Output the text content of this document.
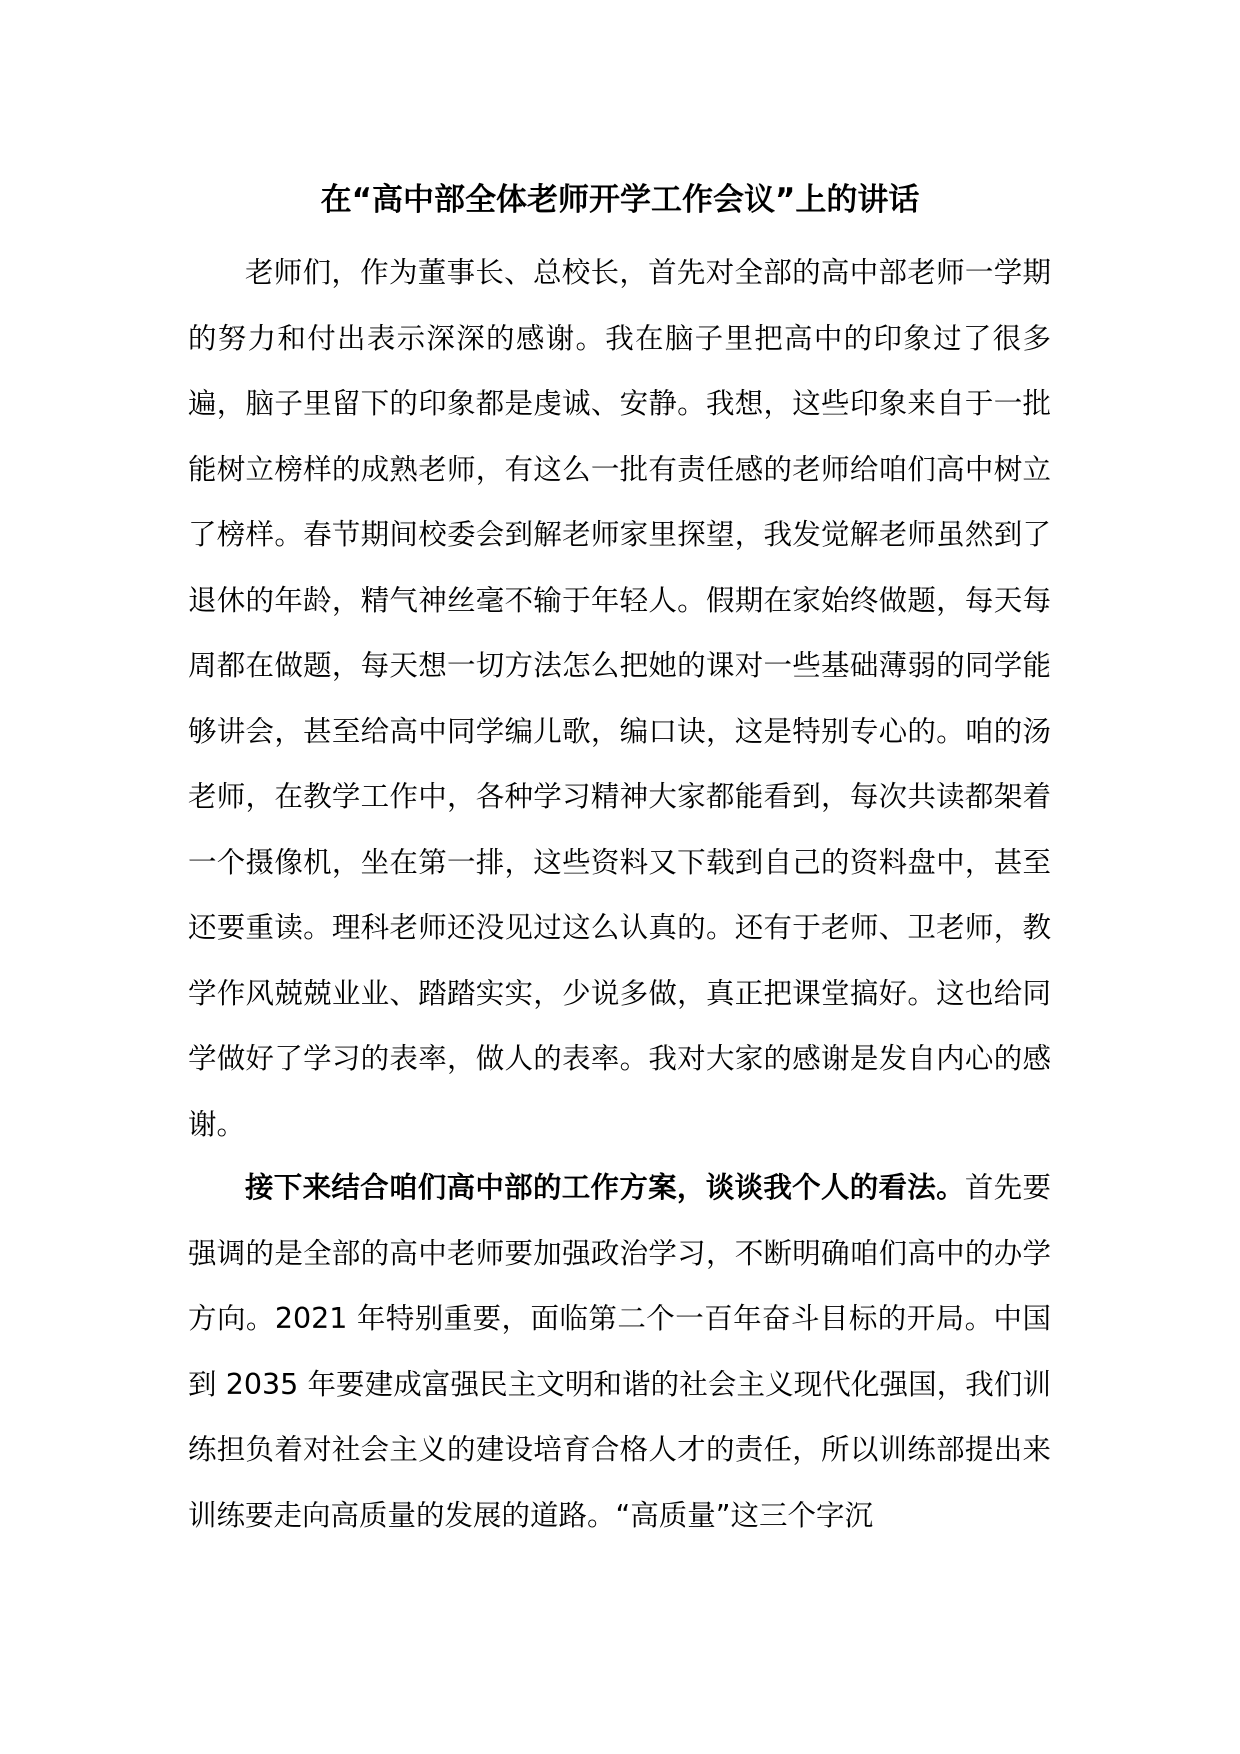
在“高中部全体老师开学工作会议”上的讲话

老师们，作为董事长、总校长，首先对全部的高中部老师一学期的努力和付出表示深深的感谢。我在脑子里把高中的印象过了很多遍，脑子里留下的印象都是虔诚、安静。我想，这些印象来自于一批能树立榜样的成熟老师，有这么一批有责任感的老师给咱们高中树立了榜样。春节期间校委会到解老师家里探望，我发觉解老师虽然到了退休的年龄，精气神丝毫不输于年轻人。假期在家始终做题，每天每周都在做题，每天想一切方法怎么把她的课对一些基础薄弱的同学能够讲会，甚至给高中同学编儿歌，编口诀，这是特别专心的。咱的汤老师，在教学工作中，各种学习精神大家都能看到，每次共读都架着一个摄像机，坐在第一排，这些资料又下载到自己的资料盘中，甚至还要重读。理科老师还没见过这么认真的。还有于老师、卫老师，教学作风兢兢业业、踏踏实实，少说多做，真正把课堂搞好。这也给同学做好了学习的表率，做人的表率。我对大家的感谢是发自内心的感谢。

接下来结合咱们高中部的工作方案，谈谈我个人的看法。首先要强调的是全部的高中老师要加强政治学习，不断明确咱们高中的办学方向。2021 年特别重要，面临第二个一百年奋斗目标的开局。中国到 2035 年要建成富强民主文明和谐的社会主义现代化强国，我们训练担负着对社会主义的建设培育合格人才的责任，所以训练部提出来训练要走向高质量的发展的道路。“高质量”这三个字沉
